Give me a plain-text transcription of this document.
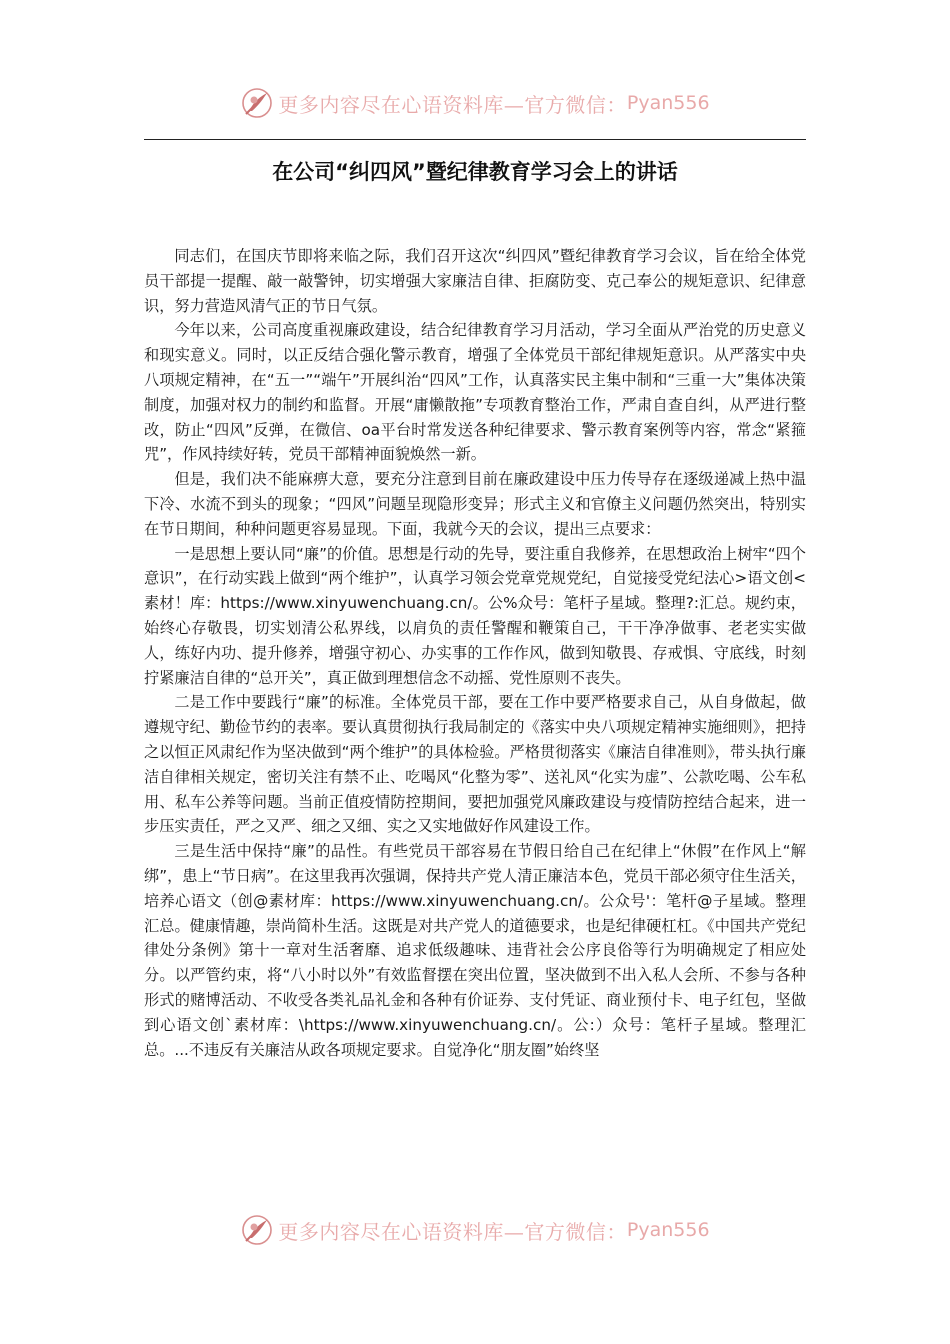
更多内容尽在心语资料库—官方微信： Pyan556
在公司“纠四风”暨纪律教育学习会上的讲话

同志们，在国庆节即将来临之际，我们召开这次“纠四风”暨纪律教育学习会议，旨在给全体党员干部提一提醒、敲一敲警钟，切实增强大家廉洁自律、拒腐防变、克己奉公的规矩意识、纪律意识，努力营造风清气正的节日气氛。

今年以来，公司高度重视廉政建设，结合纪律教育学习月活动，学习全面从严治党的历史意义和现实意义。同时，以正反结合强化警示教育，增强了全体党员干部纪律规矩意识。从严落实中央八项规定精神，在“五一”“端午”开展纠治“四风”工作，认真落实民主集中制和“三重一大”集体决策制度，加强对权力的制约和监督。开展“庸懒散拖”专项教育整治工作，严肃自查自纠，从严进行整改，防止“四风”反弹，在微信、oa平台时常发送各种纪律要求、警示教育案例等内容，常念“紧箍咒”，作风持续好转，党员干部精神面貌焕然一新。

但是，我们决不能麻痹大意，要充分注意到目前在廉政建设中压力传导存在逐级递减上热中温下冷、水流不到头的现象；“四风”问题呈现隐形变异；形式主义和官僚主义问题仍然突出，特别实在节日期间，种种问题更容易显现。下面，我就今天的会议，提出三点要求：

一是思想上要认同“廉”的价值。思想是行动的先导，要注重自我修养，在思想政治上树牢“四个意识”，在行动实践上做到“两个维护”，认真学习领会党章党规党纪，自觉接受党纪法心>语文创<素材！库：https://www.xinyuwenchuang.cn/。公%众号：笔杆子星域。整理?:汇总。规约束，始终心存敬畏，切实划清公私界线，以肩负的责任警醒和鞭策自己，干干净净做事、老老实实做人，练好内功、提升修养，增强守初心、办实事的工作作风，做到知敬畏、存戒惧、守底线，时刻拧紧廉洁自律的“总开关”，真正做到理想信念不动摇、党性原则不丧失。

二是工作中要践行“廉”的标准。全体党员干部，要在工作中要严格要求自己，从自身做起，做遵规守纪、勤俭节约的表率。要认真贯彻执行我局制定的《落实中央八项规定精神实施细则》，把持之以恒正风肃纪作为坚决做到“两个维护”的具体检验。严格贯彻落实《廉洁自律准则》，带头执行廉洁自律相关规定，密切关注有禁不止、吃喝风“化整为零”、送礼风“化实为虚”、公款吃喝、公车私用、私车公养等问题。当前正值疫情防控期间，要把加强党风廉政建设与疫情防控结合起来，进一步压实责任，严之又严、细之又细、实之又实地做好作风建设工作。

三是生活中保持“廉”的品性。有些党员干部容易在节假日给自己在纪律上“休假”在作风上“解绑”，患上“节日病”。在这里我再次强调，保持共产党人清正廉洁本色，党员干部必须守住生活关，培养心语文（创@素材库：https://www.xinyuwenchuang.cn/。公众号'：笔杆@子星域。整理汇总。健康情趣，崇尚简朴生活。这既是对共产党人的道德要求，也是纪律硬杠杠。《中国共产党纪律处分条例》第十一章对生活奢靡、追求低级趣味、违背社会公序良俗等行为明确规定了相应处分。以严管约束，将“八小时以外”有效监督摆在突出位置，坚决做到不出入私人会所、不参与各种形式的赌博活动、不收受各类礼品礼金和各种有价证券、支付凭证、商业预付卡、电子红包，坚做到心语文创`素材库：\https://www.xinyuwenchuang.cn/。公:）众号：笔杆子星域。整理汇总。...不违反有关廉洁从政各项规定要求。自觉净化“朋友圈”始终坚

更多内容尽在心语资料库—官方微信： Pyan556
